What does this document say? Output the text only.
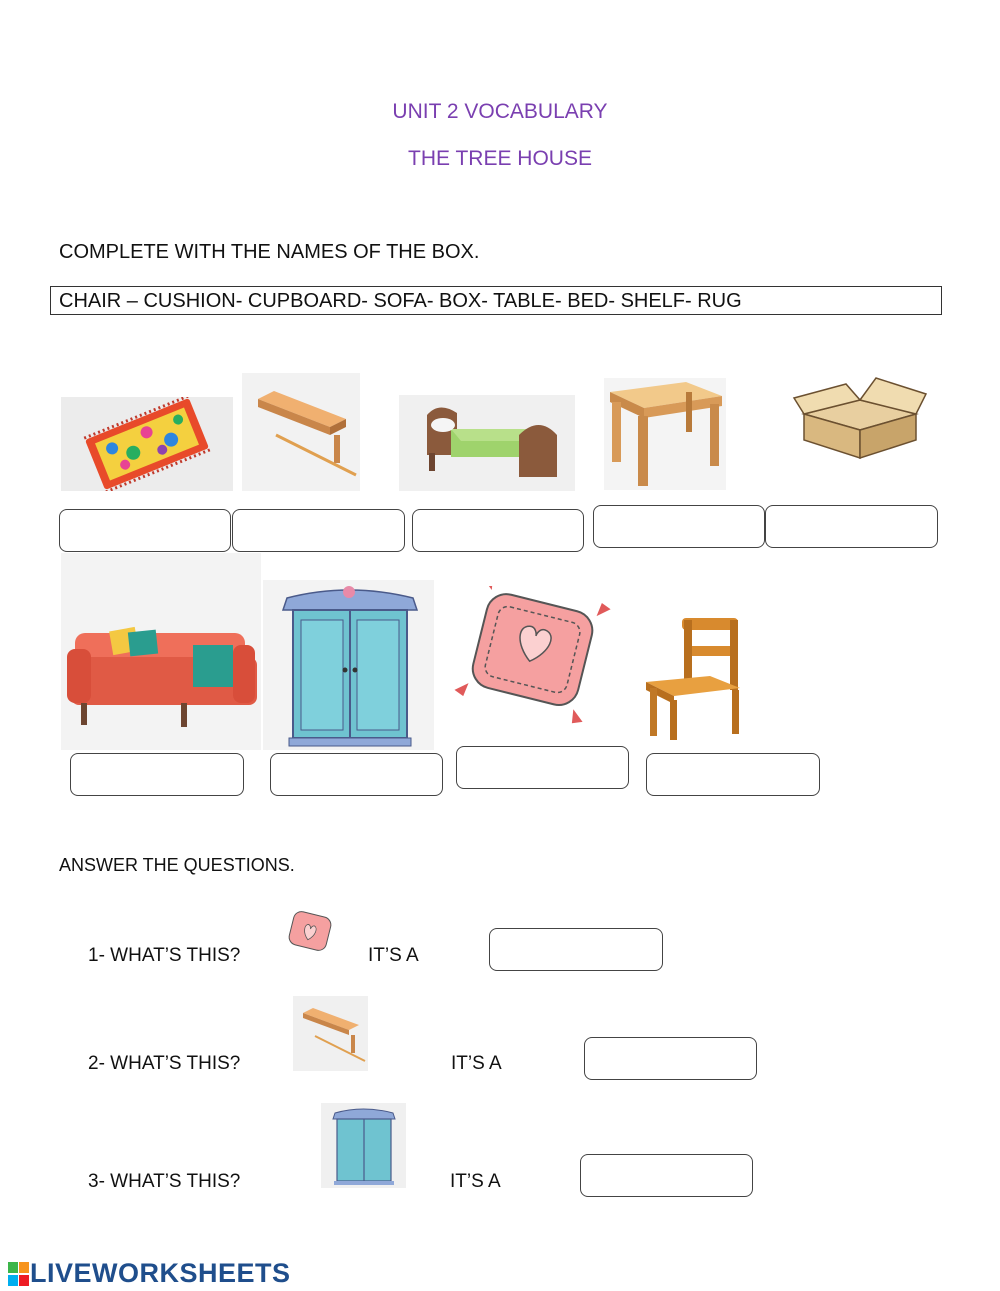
UNIT 2 VOCABULARY
THE TREE HOUSE
COMPLETE WITH THE NAMES OF THE BOX.
CHAIR – CUSHION- CUPBOARD- SOFA- BOX- TABLE- BED- SHELF- RUG
ANSWER THE QUESTIONS.
1- WHAT’S THIS?	IT’S A
2- WHAT’S THIS?	IT’S A
3- WHAT’S THIS?	IT’S A
LIVEWORKSHEETS
